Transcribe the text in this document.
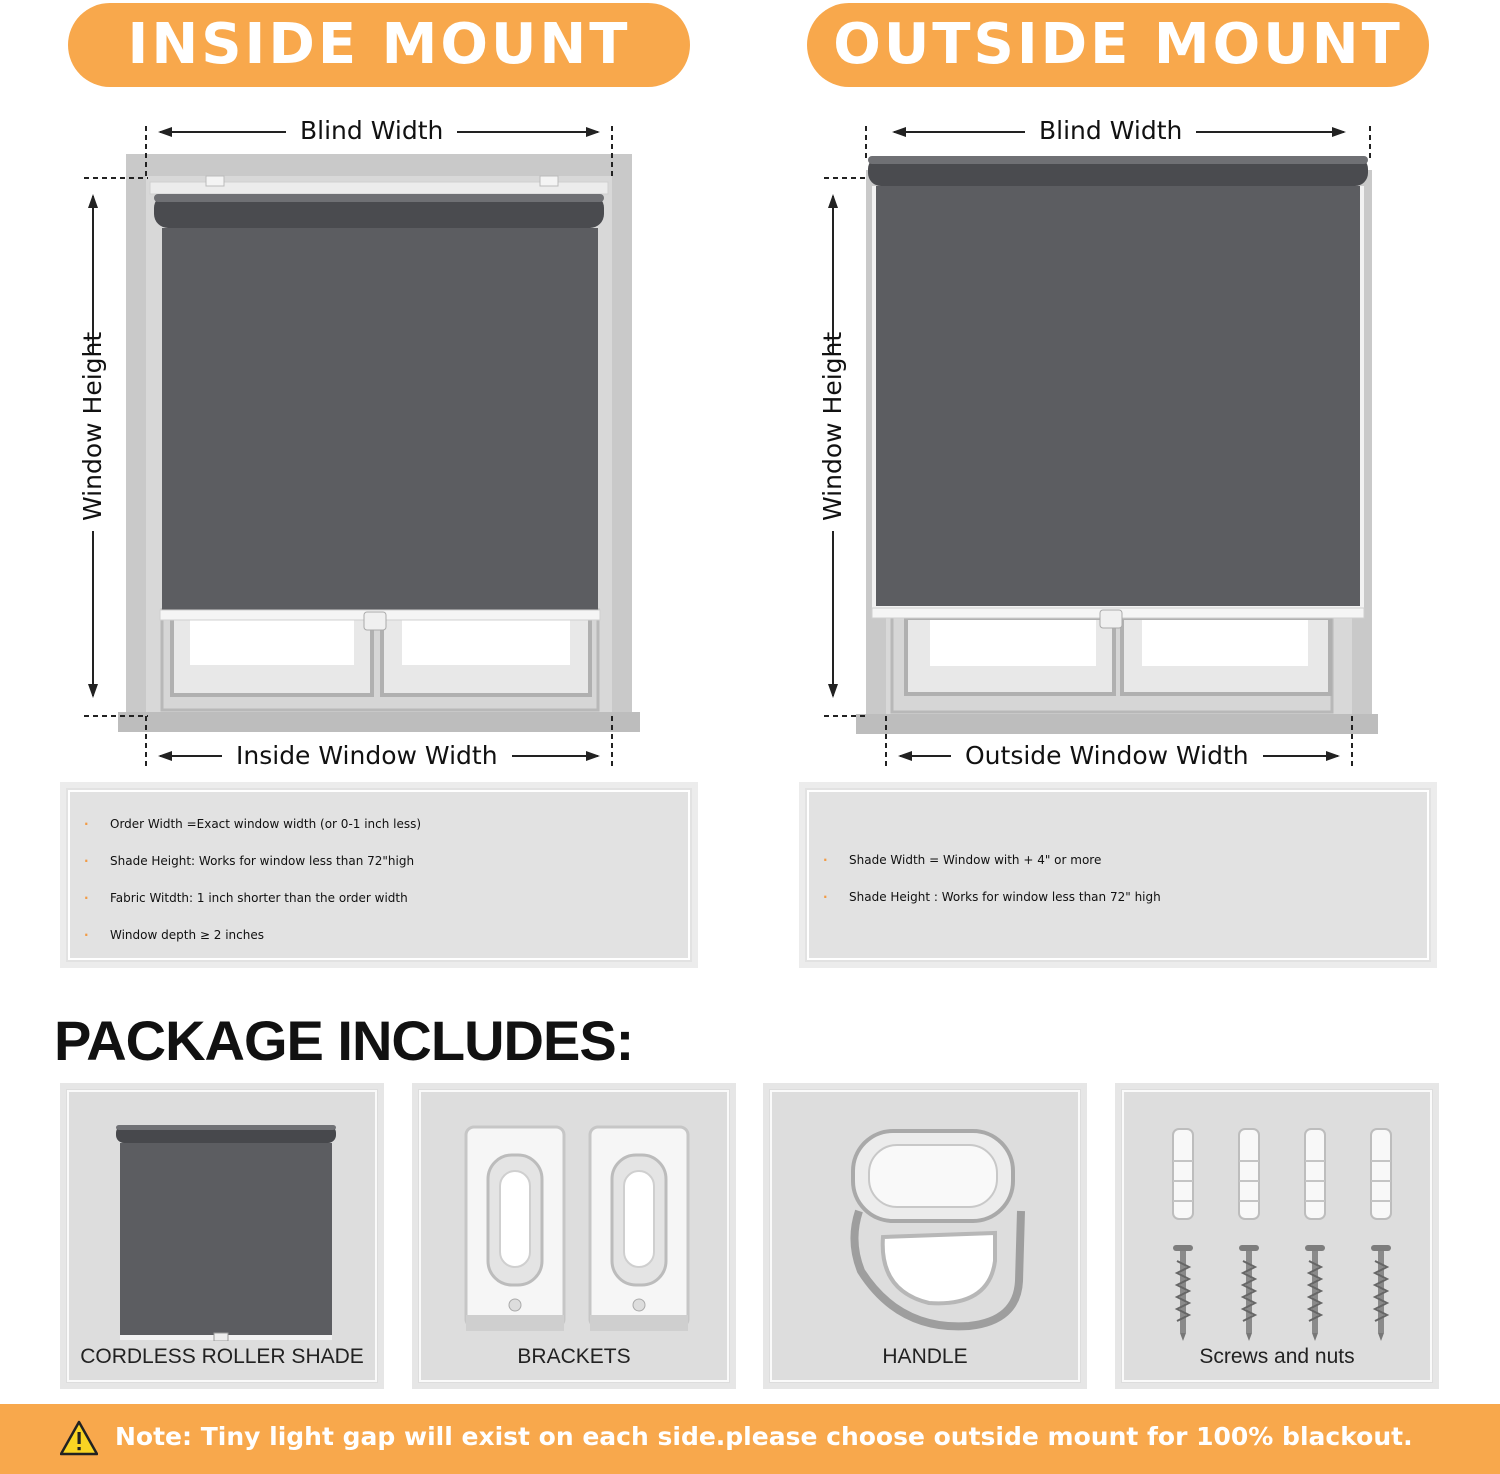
INSIDE MOUNT
Blind Width
Inside Window Width
Window Height
· Order Width =Exact window width (or 0-1 inch less)
· Shade Height: Works for window less than 72"high
· Fabric Witdth: 1 inch shorter than the order width
· Window depth ≥ 2 inches
OUTSIDE MOUNT
Blind Width
Outside Window Width
Window Height
· Shade Width = Window with + 4" or more
· Shade Height : Works for window less than 72" high
PACKAGE INCLUDES:
CORDLESS ROLLER SHADE	BRACKETS	HANDLE	Screws and nuts
Note: Tiny light gap will exist on each side.please choose outside mount for 100% blackout.
